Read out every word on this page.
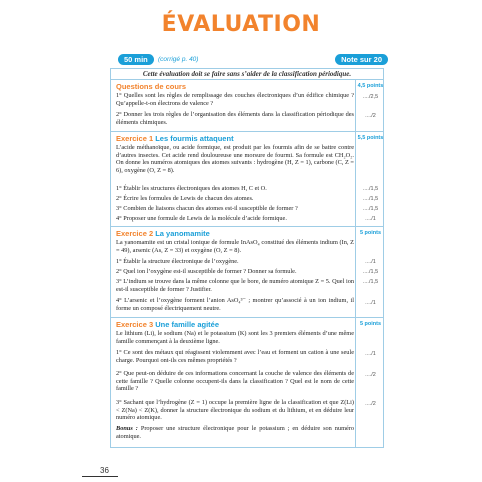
ÉVALUATION
50 min	(corrigé p. 40)	Note sur 20
Cette évaluation doit se faire sans s’aider de la classification périodique.
Questions de cours	4,5 points
1° Quelles sont les règles de remplissage des couches électroniques d’un édifice chimique ? Qu’appelle-t-on électrons de valence ?
..../2,5
2° Donner les trois règles de l’organisation des éléments dans la classification périodique des éléments chimiques.
..../2
Exercice 1 Les fourmis attaquent	5,5 points
L’acide méthanoïque, ou acide formique, est produit par les fourmis afin de se battre contre d’autres insectes. Cet acide rend douloureuse une morsure de fourmi. Sa formule est CH₂O₂. On donne les numéros atomiques des atomes suivants : hydrogène (H, Z = 1), carbone (C, Z = 6), oxygène (O, Z = 8).
1° Établir les structures électroniques des atomes H, C et O.	..../1,5
2° Écrire les formules de Lewis de chacun des atomes.	..../1,5
3° Combien de liaisons chacun des atomes est-il susceptible de former ?	..../1,5
4° Proposer une formule de Lewis de la molécule d’acide formique.	..../1
Exercice 2 La yanomamite	5 points
La yanomamite est un cristal ionique de formule InAsO₄ constitué des éléments indium (In, Z = 49), arsenic (As, Z = 33) et oxygène (O, Z = 8).
1° Établir la structure électronique de l’oxygène.	..../1
2° Quel ion l’oxygène est-il susceptible de former ? Donner sa formule.	..../1,5
3° L’indium se trouve dans la même colonne que le bore, de numéro atomique Z = 5. Quel ion est-il susceptible de former ? Justifier.
..../1,5
4° L’arsenic et l’oxygène forment l’anion AsO₄³⁻ ; montrer qu’associé à un ion indium, il forme un composé électriquement neutre.
..../1
Exercice 3 Une famille agitée	5 points
Le lithium (Li), le sodium (Na) et le potassium (K) sont les 3 premiers éléments d’une même famille commençant à la deuxième ligne.
1° Ce sont des métaux qui réagissent violemment avec l’eau et forment un cation à une seule charge. Pourquoi ont-ils ces mêmes propriétés ?
..../1
2° Que peut-on déduire de ces informations concernant la couche de valence des éléments de cette famille ? Quelle colonne occupent-ils dans la classification ? Quel est le nom de cette famille ?
..../2
3° Sachant que l’hydrogène (Z = 1) occupe la première ligne de la classification et que Z(Li) < Z(Na) < Z(K), donner la structure électronique du sodium et du lithium, et en déduire leur numéro atomique.
..../2
Bonus : Proposer une structure électronique pour le potassium ; en déduire son numéro atomique.
36
